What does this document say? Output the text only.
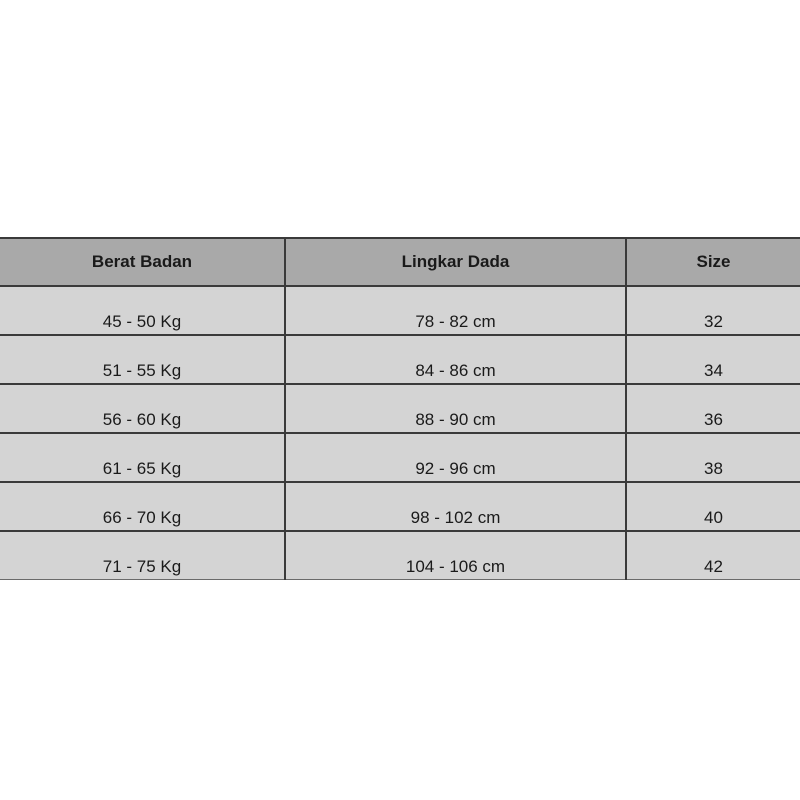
Berat Badan	Lingkar Dada	Size
45 - 50 Kg	78 - 82 cm	32
51 - 55 Kg	84 - 86 cm	34
56 - 60 Kg	88 - 90 cm	36
61 - 65 Kg	92 - 96 cm	38
66 - 70 Kg	98 - 102 cm	40
71 - 75 Kg	104 - 106 cm	42
